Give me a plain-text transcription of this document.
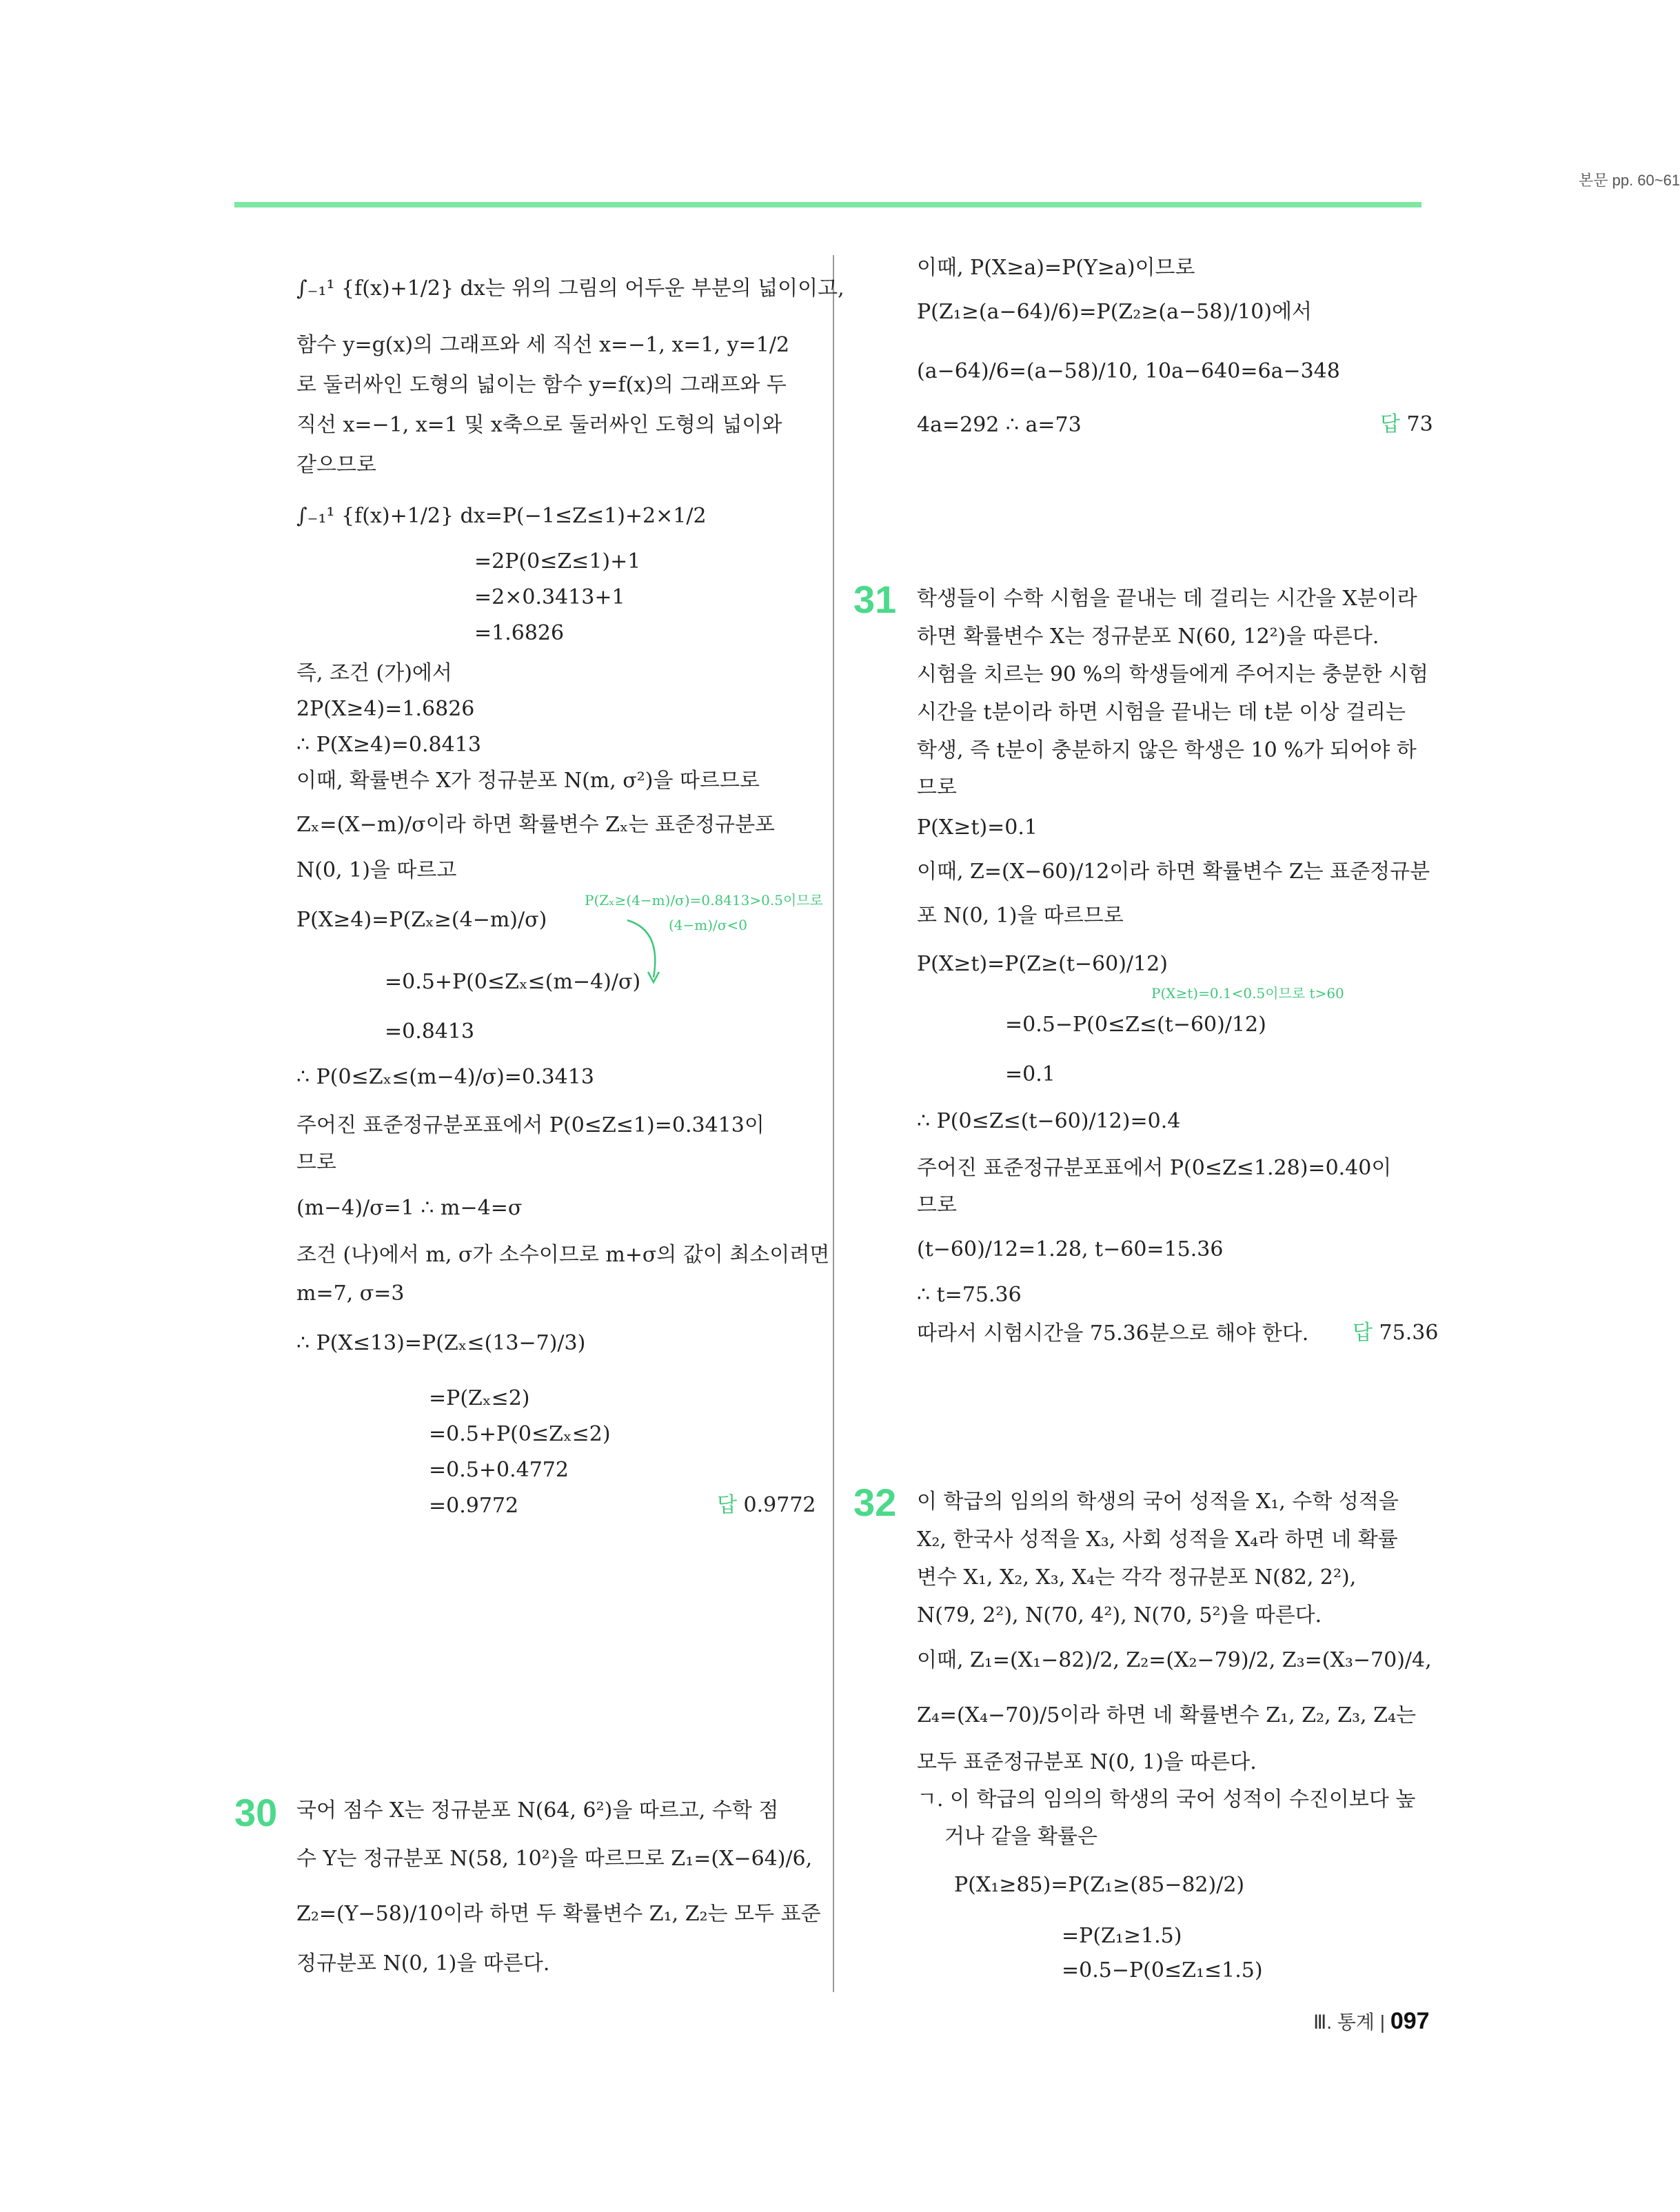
본문 pp. 60~61
∫₋₁¹ {f(x)+1/2} dx는 위의 그림의 어두운 부분의 넓이이고,
함수 y=g(x)의 그래프와 세 직선 x=−1, x=1, y=1/2
로 둘러싸인 도형의 넓이는 함수 y=f(x)의 그래프와 두
직선 x=−1, x=1 및 x축으로 둘러싸인 도형의 넓이와
같으므로
∫₋₁¹ {f(x)+1/2} dx=P(−1≤Z≤1)+2×1/2
=2P(0≤Z≤1)+1
=2×0.3413+1
=1.6826
즉, 조건 (가)에서
2P(X≥4)=1.6826
∴ P(X≥4)=0.8413
이때, 확률변수 X가 정규분포 N(m, σ²)을 따르므로
Zₓ=(X−m)/σ이라 하면 확률변수 Zₓ는 표준정규분포
N(0, 1)을 따르고
P(X≥4)=P(Zₓ≥(4−m)/σ)
=0.5+P(0≤Zₓ≤(m−4)/σ)
=0.8413
∴ P(0≤Zₓ≤(m−4)/σ)=0.3413
주어진 표준정규분포표에서 P(0≤Z≤1)=0.3413이
므로
(m−4)/σ=1 ∴ m−4=σ
조건 (나)에서 m, σ가 소수이므로 m+σ의 값이 최소이려면
m=7, σ=3
∴ P(X≤13)=P(Zₓ≤(13−7)/3)
=P(Zₓ≤2)
=0.5+P(0≤Zₓ≤2)
=0.5+0.4772
=0.9772
P(Zₓ≥(4−m)/σ)=0.8413>0.5이므로
(4−m)/σ<0
답 0.9772
30 국어 점수 X는 정규분포 N(64, 6²)을 따르고, 수학 점
수 Y는 정규분포 N(58, 10²)을 따르므로 Z₁=(X−64)/6,
Z₂=(Y−58)/10이라 하면 두 확률변수 Z₁, Z₂는 모두 표준
정규분포 N(0, 1)을 따른다.
이때, P(X≥a)=P(Y≥a)이므로
P(Z₁≥(a−64)/6)=P(Z₂≥(a−58)/10)에서
(a−64)/6=(a−58)/10, 10a−640=6a−348
4a=292 ∴ a=73	답 73
31 학생들이 수학 시험을 끝내는 데 걸리는 시간을 X분이라
하면 확률변수 X는 정규분포 N(60, 12²)을 따른다.
시험을 치르는 90 %의 학생들에게 주어지는 충분한 시험
시간을 t분이라 하면 시험을 끝내는 데 t분 이상 걸리는
학생, 즉 t분이 충분하지 않은 학생은 10 %가 되어야 하
므로
P(X≥t)=0.1
이때, Z=(X−60)/12이라 하면 확률변수 Z는 표준정규분
포 N(0, 1)을 따르므로
P(X≥t)=P(Z≥(t−60)/12)
=0.5−P(0≤Z≤(t−60)/12)
=0.1
∴ P(0≤Z≤(t−60)/12)=0.4
주어진 표준정규분포표에서 P(0≤Z≤1.28)=0.40이
므로
(t−60)/12=1.28, t−60=15.36
∴ t=75.36
따라서 시험시간을 75.36분으로 해야 한다.
P(X≥t)=0.1<0.5이므로 t>60
답 75.36
32 이 학급의 임의의 학생의 국어 성적을 X₁, 수학 성적을
X₂, 한국사 성적을 X₃, 사회 성적을 X₄라 하면 네 확률
변수 X₁, X₂, X₃, X₄는 각각 정규분포 N(82, 2²),
N(79, 2²), N(70, 4²), N(70, 5²)을 따른다.
이때, Z₁=(X₁−82)/2, Z₂=(X₂−79)/2, Z₃=(X₃−70)/4,
Z₄=(X₄−70)/5이라 하면 네 확률변수 Z₁, Z₂, Z₃, Z₄는
모두 표준정규분포 N(0, 1)을 따른다.
ㄱ. 이 학급의 임의의 학생의 국어 성적이 수진이보다 높
거나 같을 확률은
P(X₁≥85)=P(Z₁≥(85−82)/2)
=P(Z₁≥1.5)
=0.5−P(0≤Z₁≤1.5)
Ⅲ. 통계 | 097
